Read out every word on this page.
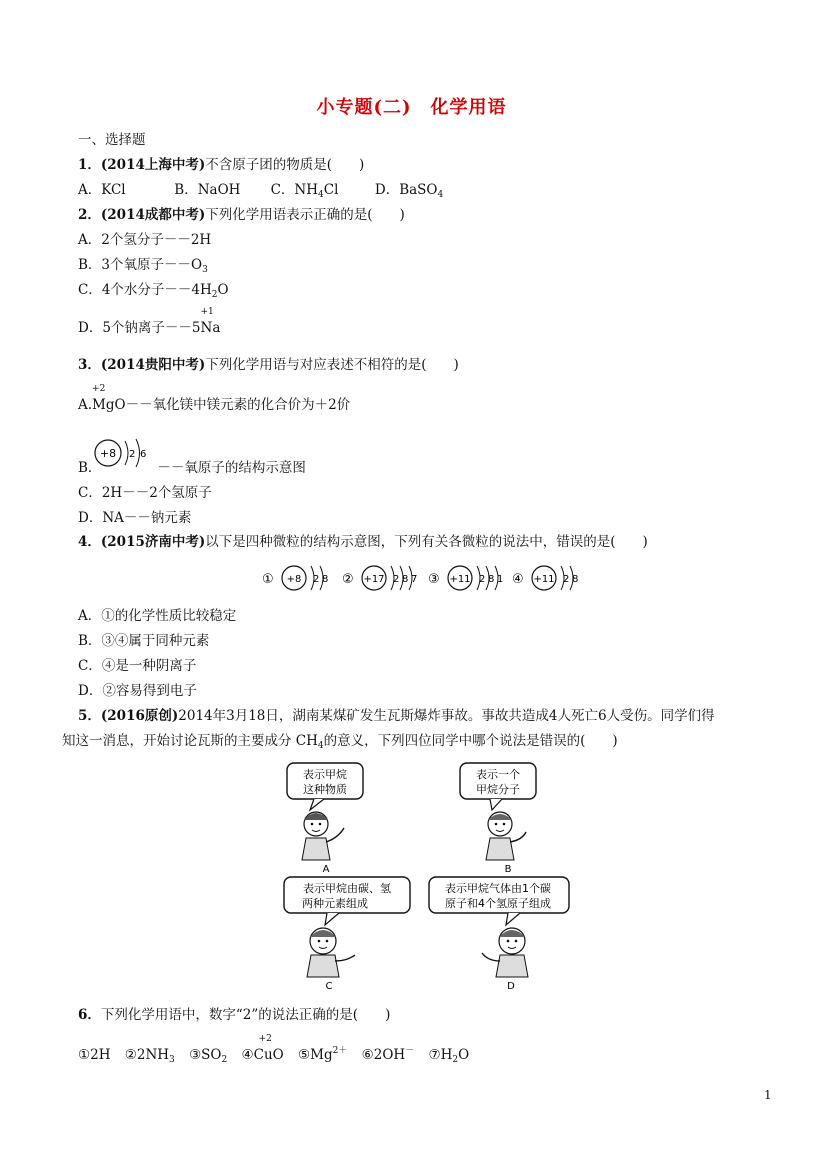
小专题(二)　化学用语
一、选择题
1．(2014上海中考)不含原子团的物质是(　　)
A．KCl	B．NaOH C．$NH_4Cl$	D．BaSO$_4$
2．(2014成都中考)下列化学用语表示正确的是(　　)
A．2个氢分子－－2H
B．3个氧原子$--O_3$
C．4个水分子$--4H_2O$
D．5个钠离子－－5
+1
Na
3．(2014贵阳中考)下列化学用语与对应表述不相符的是(　　)
A.
+2
MgO－－氧化镁中镁元素的化合价为＋2价
+8 2 6
B．	－－氧原子的结构示意图
C．2H－－2个氢原子
D．NA－－钠元素
4．(2015济南中考)以下是四种微粒的结构示意图，下列有关各微粒的说法中，错误的是(　　)
① +8 2 8 ② +17 2 8 7 ③ +11 2 8 1 ④ +11 2 8
A．①的化学性质比较稳定
B．③④属于同种元素
C．④是一种阴离子
D．②容易得到电子
5．(2016原创)2014年3月18日，湖南某煤矿发生瓦斯爆炸事故。事故共造成4人死亡6人受伤。同学们得
知这一消息，开始讨论瓦斯的主要成分 $CH_4$的意义，下列四位同学中哪个说法是错误的(　　)
表示甲烷
这种物质
A
表示一个
甲烷分子
B
表示甲烷由碳、氢
两种元素组成
C
表示甲烷气体由1个碳
原子和4个氢原子组成
D
6．下列化学用语中，数字“2”的说法正确的是(　　)
①2H $②2NH_3$ $③SO_2$ ④
+2
CuO $⑤Mg^{2+}$ ⑥2OH－ $⑦H_2O$
1
